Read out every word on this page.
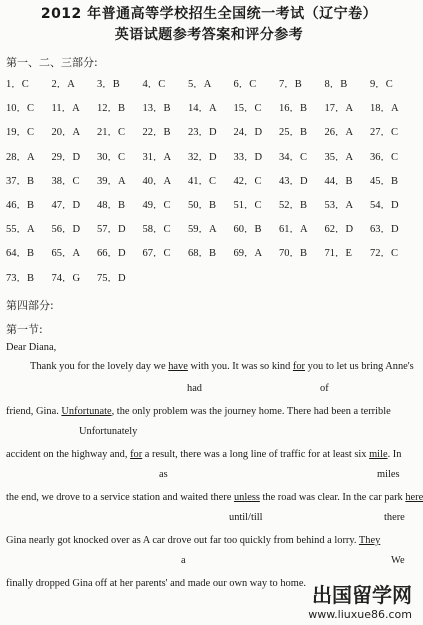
2012 年普通高等学校招生全国统一考试（辽宁卷）
英语试题参考答案和评分参考
第一、二、三部分:
1．C	2．A	3．B	4．C	5．A	6．C	7．B	8．B	9．C
10．C	11．A	12．B	13．B	14．A	15．C	16．B	17．A	18．A
19．C	20．A	21．C	22．B	23．D	24．D	25．B	26．A	27．C
28．A	29．D	30．C	31．A	32．D	33．D	34．C	35．A	36．C
37．B	38．C	39．A	40．A	41．C	42．C	43．D	44．B	45．B
46．B	47．D	48．B	49．C	50．B	51．C	52．B	53．A	54．D
55．A	56．D	57．D	58．C	59．A	60．B	61．A	62．D	63．D
64．B	65．A	66．D	67．C	68．B	69．A	70．B	71．E	72．C
73．B	74．G	75．D
第四部分:
第一节:
Dear Diana,
Thank you for the lovely day we have with you. It was so kind for you to let us bring Anne's
had	of
friend, Gina. Unfortunate, the only problem was the journey home. There had been a terrible
Unfortunately
accident on the highway and, for a result, there was a long line of traffic for at least six mile. In
as	miles
the end, we drove to a service station and waited there unless the road was clear. In the car park here
until/till	there
Gina nearly got knocked over as A car drove out far too quickly from behind a lorry. They
a	We
finally dropped Gina off at her parents' and made our own way to home. 出国留学网
www.liuxue86.com
